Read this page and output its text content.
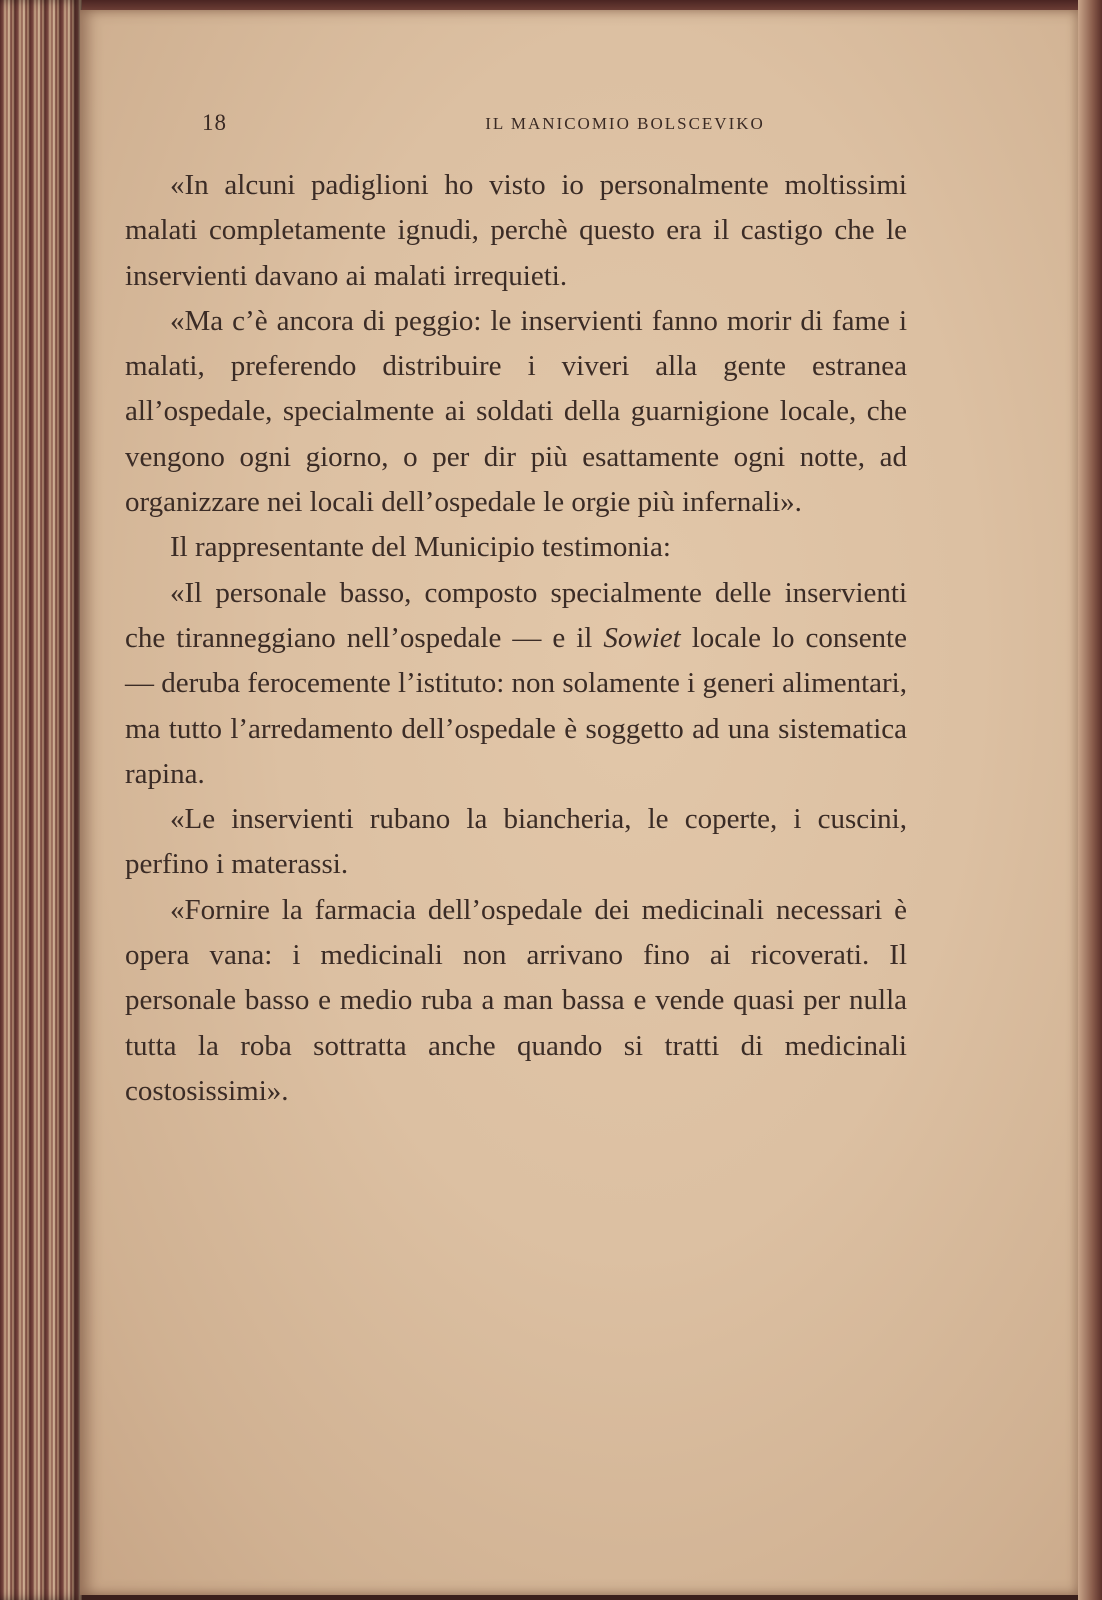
18	IL MANICOMIO BOLSCEVIKO

«In alcuni padiglioni ho visto io personalmente moltissimi malati completamente ignudi, perchè questo era il castigo che le inservienti davano ai malati irrequieti.

«Ma c’è ancora di peggio: le inservienti fanno morir di fame i malati, preferendo distribuire i viveri alla gente estranea all’ospedale, specialmente ai soldati della guarnigione locale, che vengono ogni giorno, o per dir più esattamente ogni notte, ad organizzare nei locali dell’ospedale le orgie più infernali».

Il rappresentante del Municipio testimonia:

«Il personale basso, composto specialmente delle inservienti che tiranneggiano nell’ospedale — e il Sowiet locale lo consente — deruba ferocemente l’istituto: non solamente i generi alimentari, ma tutto l’arredamento dell’ospedale è soggetto ad una sistematica rapina.

«Le inservienti rubano la biancheria, le coperte, i cuscini, perfino i materassi.

«Fornire la farmacia dell’ospedale dei medicinali necessari è opera vana: i medicinali non arrivano fino ai ricoverati. Il personale basso e medio ruba a man bassa e vende quasi per nulla tutta la roba sottratta anche quando si tratti di medicinali costosissimi».
